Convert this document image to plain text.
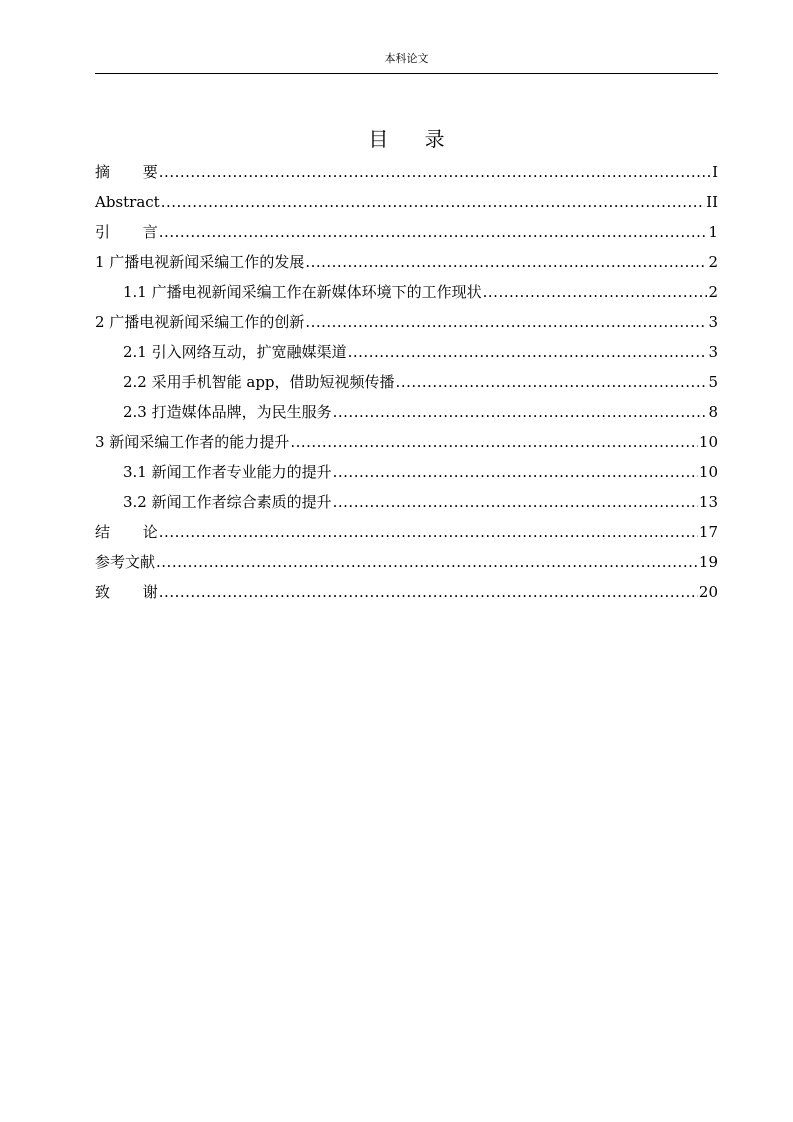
本科论文
目 录
摘 要 .....	I
Abstract .....	II
引 言 .....	1
1 广播电视新闻采编工作的发展 .....	2
1.1 广播电视新闻采编工作在新媒体环境下的工作现状 .....	2
2 广播电视新闻采编工作的创新 .....	3
2.1 引入网络互动，扩宽融媒渠道 .....	3
2.2 采用手机智能 app，借助短视频传播 .....	5
2.3 打造媒体品牌，为民生服务 .....	8
3 新闻采编工作者的能力提升 .....	10
3.1 新闻工作者专业能力的提升 .....	10
3.2 新闻工作者综合素质的提升 .....	13
结 论 .....	17
参考文献 .....	19
致 谢 .....	20
